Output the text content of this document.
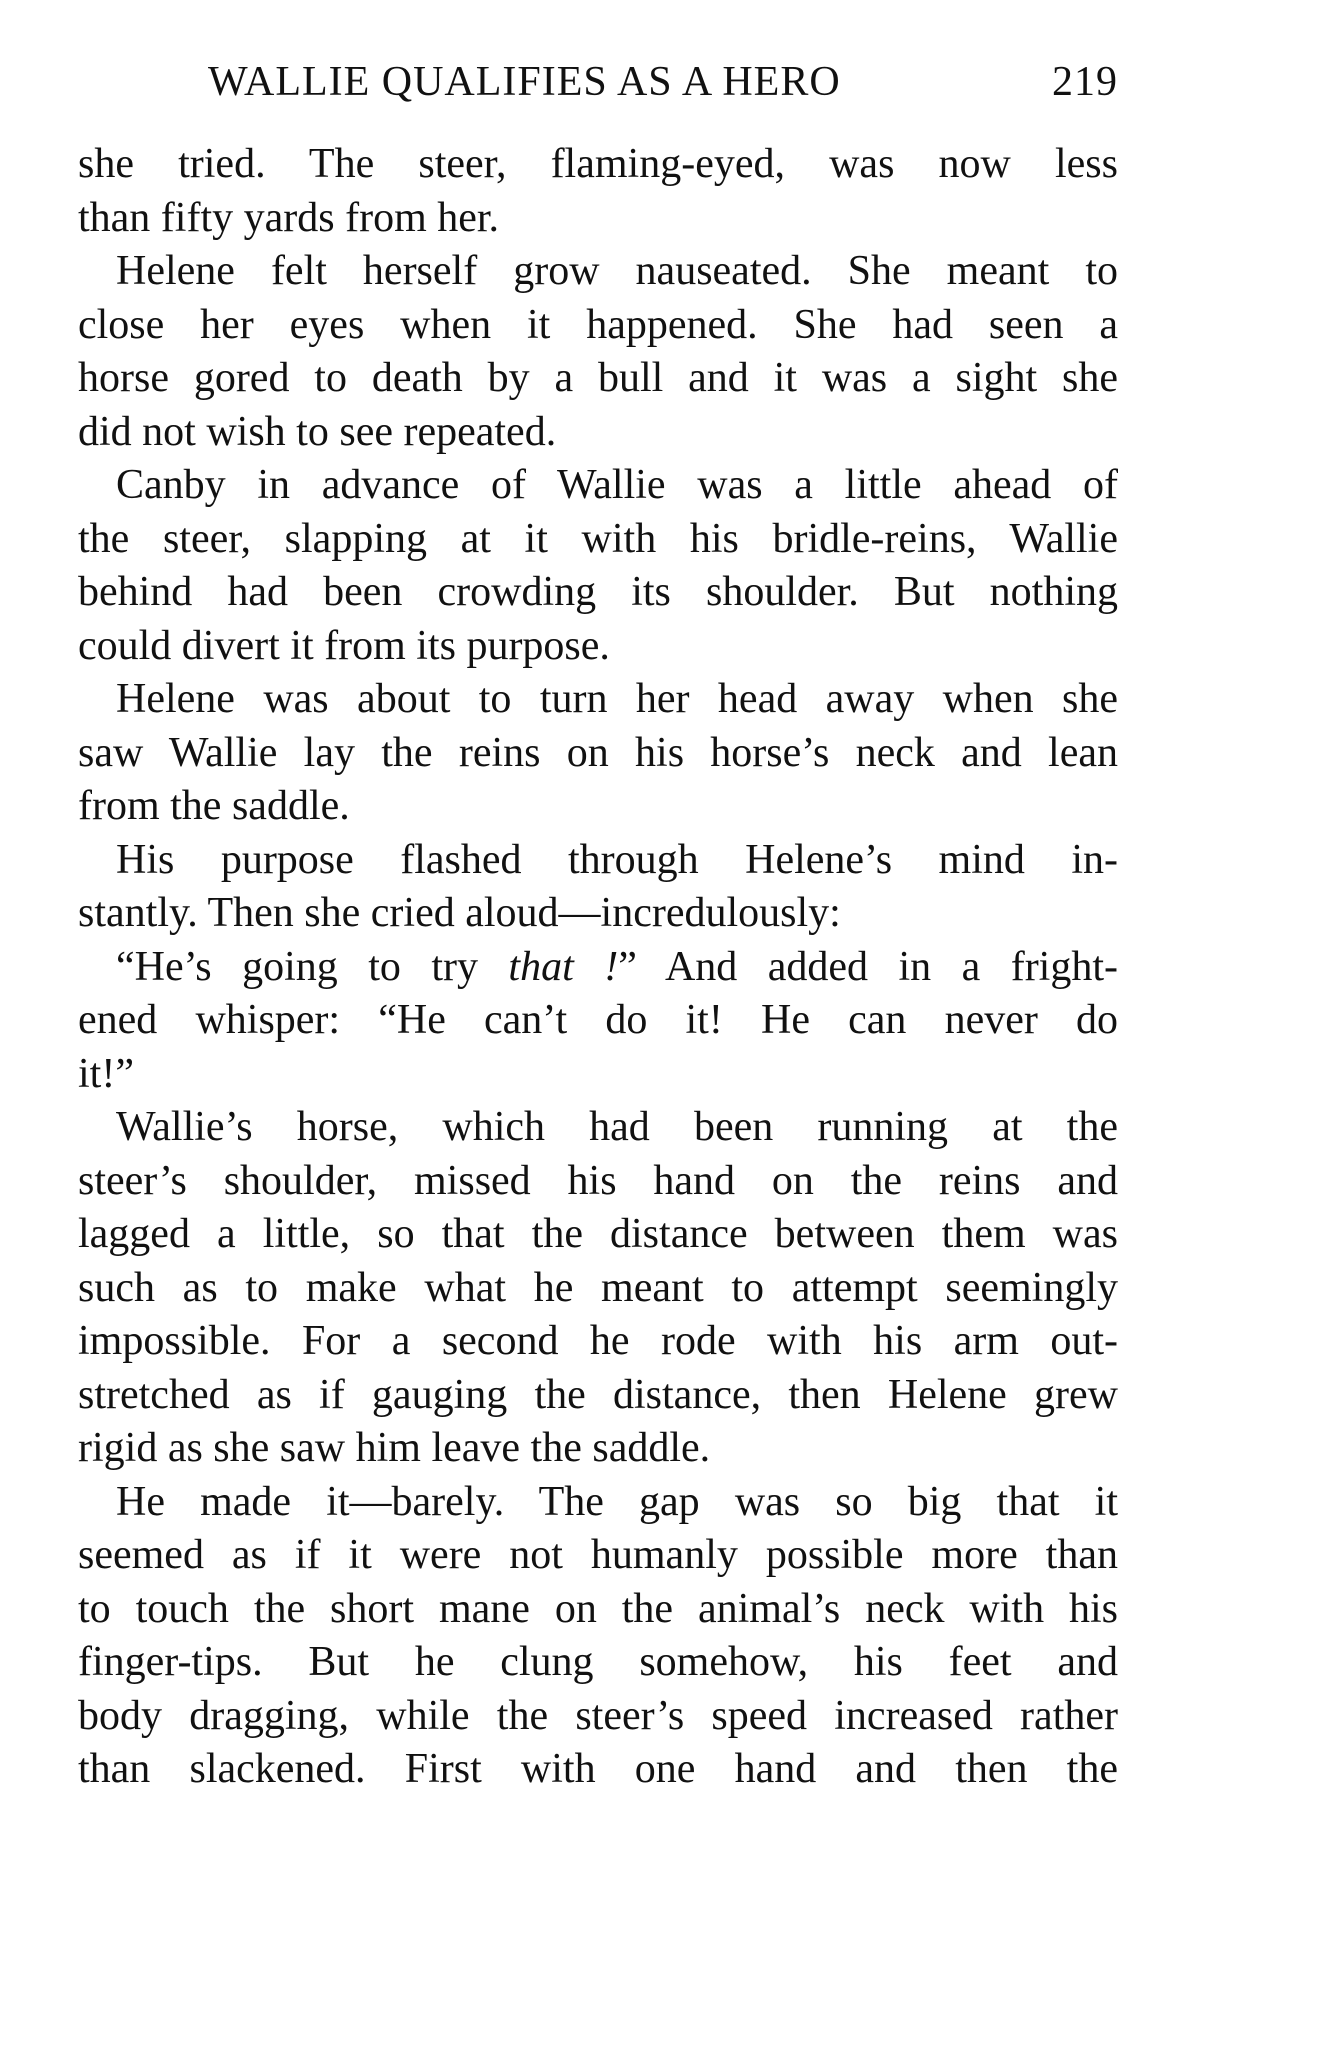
WALLIE QUALIFIES AS A HERO	219
she tried. The steer, flaming-eyed, was now less
than fifty yards from her.
Helene felt herself grow nauseated. She meant to
close her eyes when it happened. She had seen a
horse gored to death by a bull and it was a sight she
did not wish to see repeated.
Canby in advance of Wallie was a little ahead of
the steer, slapping at it with his bridle-reins, Wallie
behind had been crowding its shoulder. But nothing
could divert it from its purpose.
Helene was about to turn her head away when she
saw Wallie lay the reins on his horse’s neck and lean
from the saddle.
His purpose flashed through Helene’s mind in-
stantly. Then she cried aloud—incredulously:
“He’s going to try that !” And added in a fright-
ened whisper: “He can’t do it! He can never do
it!”
Wallie’s horse, which had been running at the
steer’s shoulder, missed his hand on the reins and
lagged a little, so that the distance between them was
such as to make what he meant to attempt seemingly
impossible. For a second he rode with his arm out-
stretched as if gauging the distance, then Helene grew
rigid as she saw him leave the saddle.
He made it—barely. The gap was so big that it
seemed as if it were not humanly possible more than
to touch the short mane on the animal’s neck with his
finger-tips. But he clung somehow, his feet and
body dragging, while the steer’s speed increased rather
than slackened. First with one hand and then the
